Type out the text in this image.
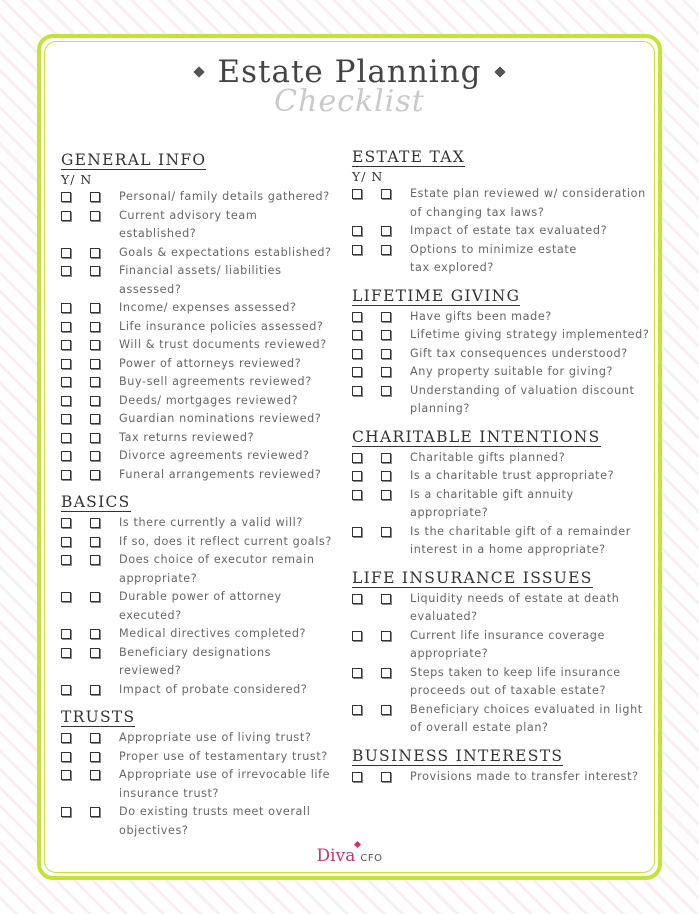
Estate Planning
Checklist
GENERAL INFO
Y/ N
Personal/ family details gathered?
Current advisory team established?
Goals & expectations established?
Financial assets/ liabilities assessed?
Income/ expenses assessed?
Life insurance policies assessed?
Will & trust documents reviewed?
Power of attorneys reviewed?
Buy-sell agreements reviewed?
Deeds/ mortgages reviewed?
Guardian nominations reviewed?
Tax returns reviewed?
Divorce agreements reviewed?
Funeral arrangements reviewed?
BASICS
Is there currently a valid will?
If so, does it reflect current goals?
Does choice of executor remain
appropriate?
Durable power of attorney
executed?
Medical directives completed?
Beneficiary designations reviewed?
Impact of probate considered?
TRUSTS
Appropriate use of living trust?
Proper use of testamentary trust?
Appropriate use of irrevocable life
insurance trust?
Do existing trusts meet overall
objectives?
ESTATE TAX
Y/ N
Estate plan reviewed w/ consideration
of changing tax laws?
Impact of estate tax evaluated?
Options to minimize estate
tax explored?
LIFETIME GIVING
Have gifts been made?
Lifetime giving strategy implemented?
Gift tax consequences understood?
Any property suitable for giving?
Understanding of valuation discount
planning?
CHARITABLE INTENTIONS
Charitable gifts planned?
Is a charitable trust appropriate?
Is a charitable gift annuity
appropriate?
Is the charitable gift of a remainder
interest in a home appropriate?
LIFE INSURANCE ISSUES
Liquidity needs of estate at death
evaluated?
Current life insurance coverage
appropriate?
Steps taken to keep life insurance
proceeds out of taxable estate?
Beneficiary choices evaluated in light
of overall estate plan?
BUSINESS INTERESTS
Provisions made to transfer interest?
Diva CFO
